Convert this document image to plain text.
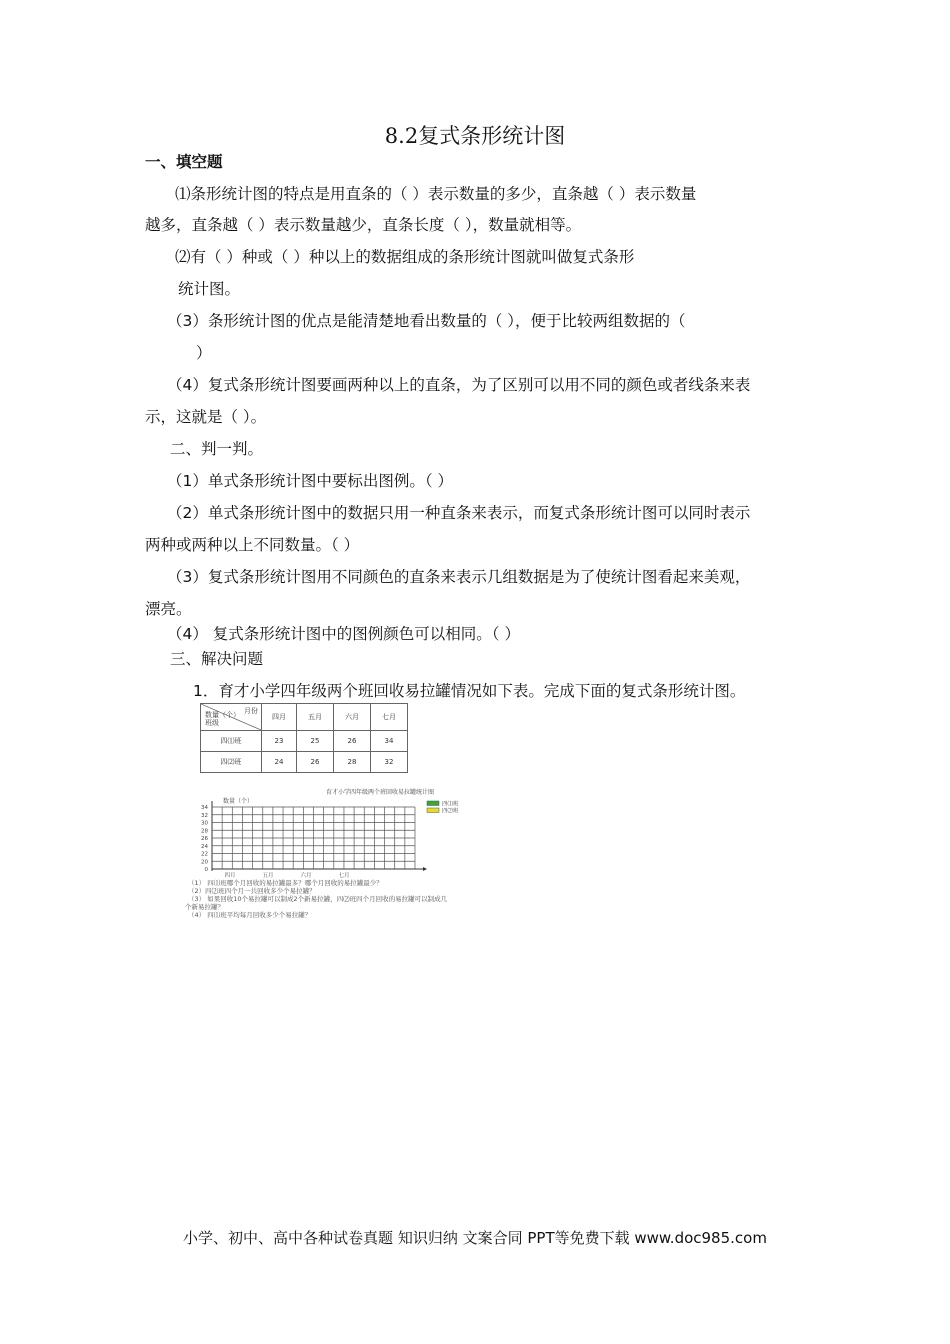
8.2复式条形统计图
一、填空题
⑴条形统计图的特点是用直条的（ ）表示数量的多少，直条越（ ）表示数量
越多，直条越（ ）表示数量越少，直条长度（ ），数量就相等。
⑵有（ ）种或（ ）种以上的数据组成的条形统计图就叫做复式条形
统计图。
（3）条形统计图的优点是能清楚地看出数量的（ ），便于比较两组数据的（
）
（4）复式条形统计图要画两种以上的直条，为了区别可以用不同的颜色或者线条来表
示，这就是（ ）。
二、判一判。
（1）单式条形统计图中要标出图例。（ ）
（2）单式条形统计图中的数据只用一种直条来表示，而复式条形统计图可以同时表示
两种或两种以上不同数量。（ ）
（3）复式条形统计图用不同颜色的直条来表示几组数据是为了使统计图看起来美观，
漂亮。
（4） 复式条形统计图中的图例颜色可以相同。（ ）
三、解决问题
1．育才小学四年级两个班回收易拉罐情况如下表。完成下面的复式条形统计图。
月份
数量（个）
班级	四月	五月	六月	七月
四⑴班	23	25	26	34
四⑵班	24	26	28	32
育才小学四年级两个班回收易拉罐统计图
数量（个）
34
32
30
28
26
24
22
20
0
四月	五月	六月	七月
四⑴班
四⑵班
（1） 四⑴班哪个月回收的易拉罐最多？哪个月回收的易拉罐最少？
（2）四⑵班四个月一共回收多少个易拉罐？
（3） 如果回收10个易拉罐可以制成2个新易拉罐，四⑵班四个月回收的易拉罐可以制成几
个新易拉罐？
（4） 四⑴班平均每月回收多少个易拉罐？
小学、初中、高中各种试卷真题 知识归纳 文案合同 PPT等免费下载 www.doc985.com
